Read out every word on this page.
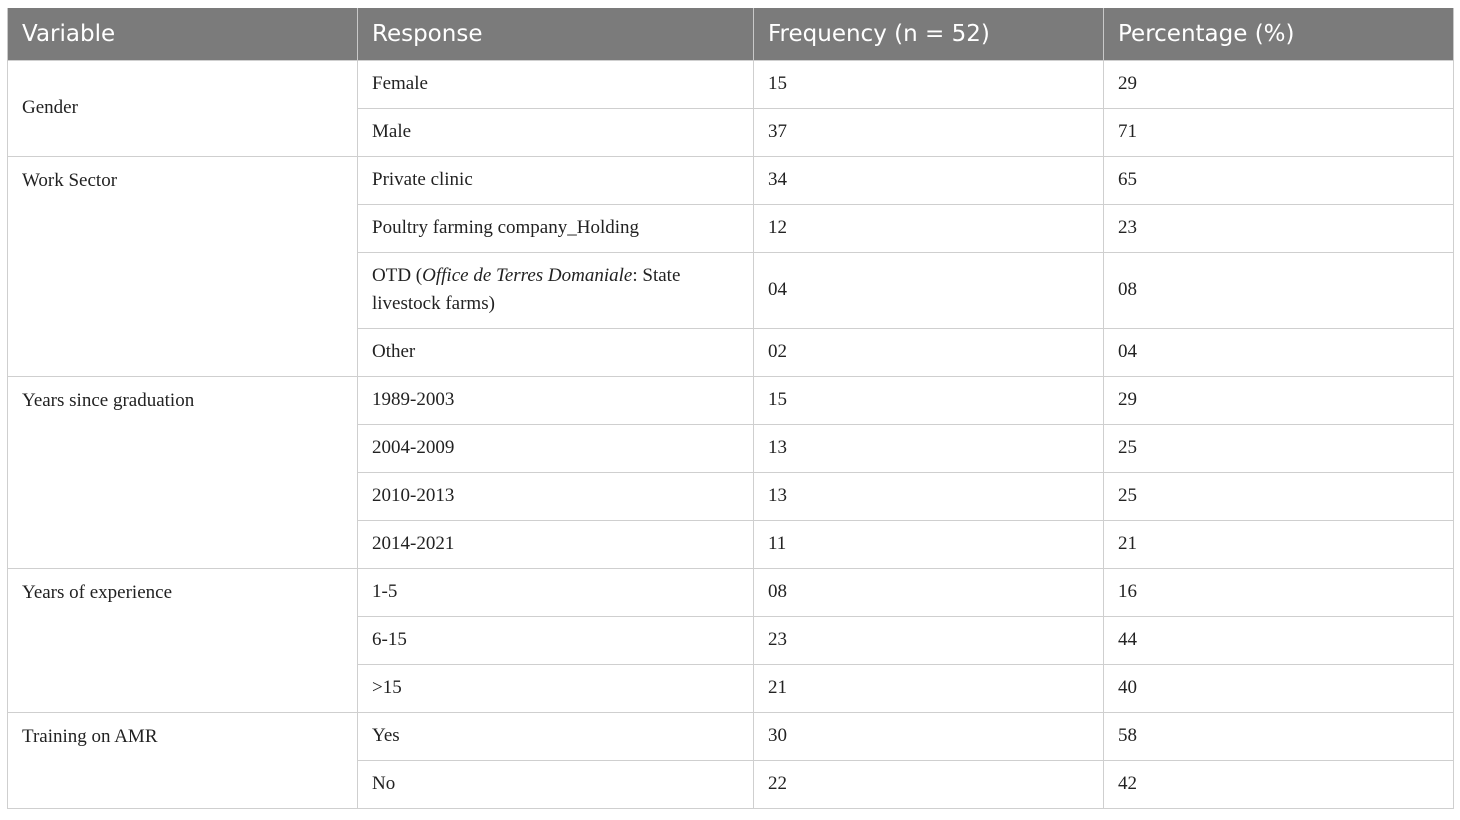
Variable	Response	Frequency (n = 52)	Percentage (%)
Gender	Female	15	29
	Male	37	71
Work Sector	Private clinic	34	65
	Poultry farming company_Holding	12	23
	OTD (Office de Terres Domaniale: State livestock farms)	04	08
	Other	02	04
Years since graduation	1989-2003	15	29
	2004-2009	13	25
	2010-2013	13	25
	2014-2021	11	21
Years of experience	1-5	08	16
	6-15	23	44
	>15	21	40
Training on AMR	Yes	30	58
	No	22	42
